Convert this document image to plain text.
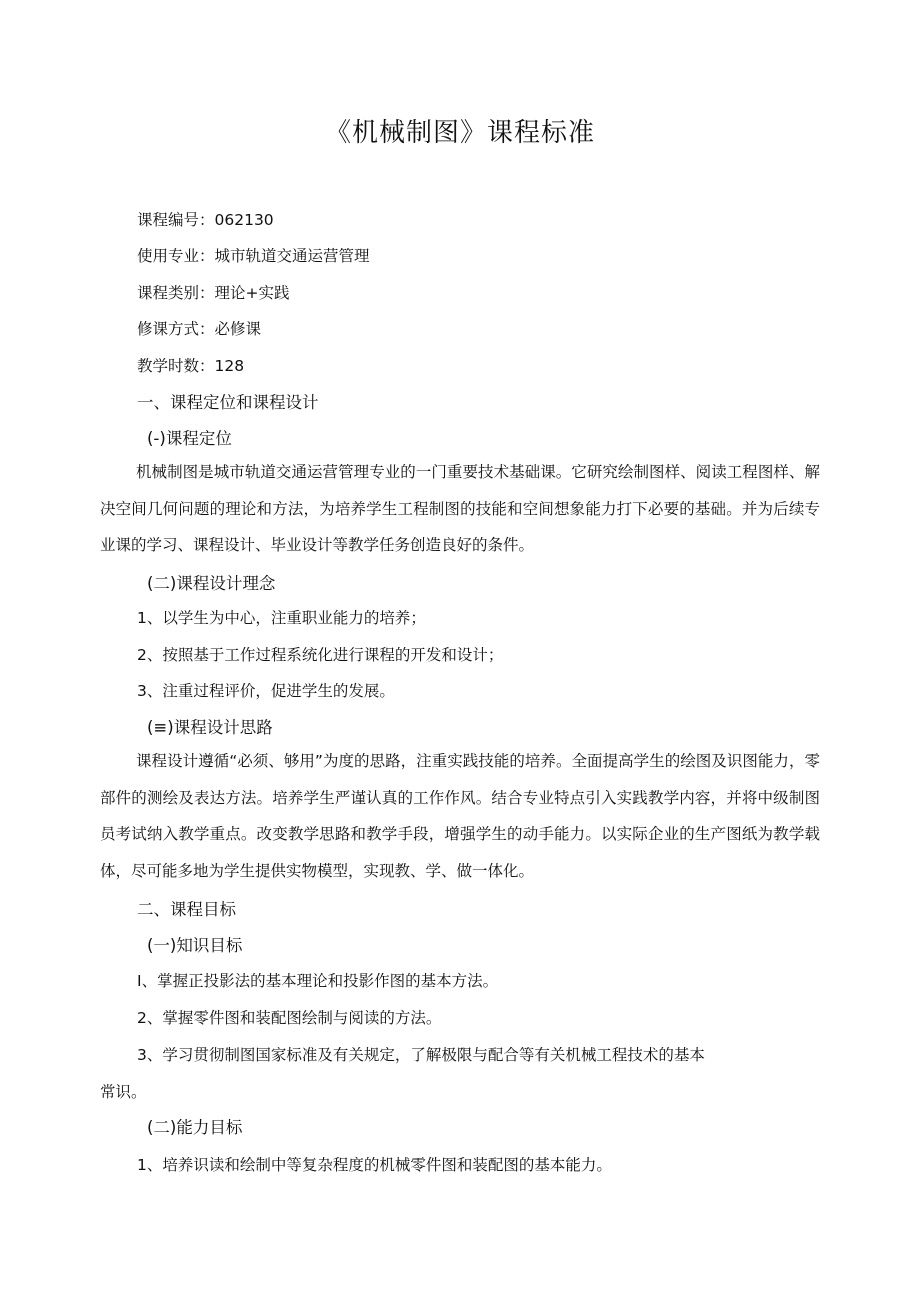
《机械制图》课程标准
课程编号：062130
使用专业：城市轨道交通运营管理
课程类别：理论+实践
修课方式：必修课
教学时数：128
一、课程定位和课程设计
(-)课程定位
机械制图是城市轨道交通运营管理专业的一门重要技术基础课。它研究绘制图样、阅读工程图样、解决空间几何问题的理论和方法，为培养学生工程制图的技能和空间想象能力打下必要的基础。并为后续专业课的学习、课程设计、毕业设计等教学任务创造良好的条件。
(二)课程设计理念
1、以学生为中心，注重职业能力的培养；
2、按照基于工作过程系统化进行课程的开发和设计；
3、注重过程评价，促进学生的发展。
(≡)课程设计思路
课程设计遵循“必须、够用”为度的思路，注重实践技能的培养。全面提高学生的绘图及识图能力，零部件的测绘及表达方法。培养学生严谨认真的工作作风。结合专业特点引入实践教学内容，并将中级制图员考试纳入教学重点。改变教学思路和教学手段，增强学生的动手能力。以实际企业的生产图纸为教学载体，尽可能多地为学生提供实物模型，实现教、学、做一体化。
二、课程目标
(一)知识目标
I、掌握正投影法的基本理论和投影作图的基本方法。
2、掌握零件图和装配图绘制与阅读的方法。
3、学习贯彻制图国家标准及有关规定，了解极限与配合等有关机械工程技术的基本
常识。
(二)能力目标
1、培养识读和绘制中等复杂程度的机械零件图和装配图的基本能力。
